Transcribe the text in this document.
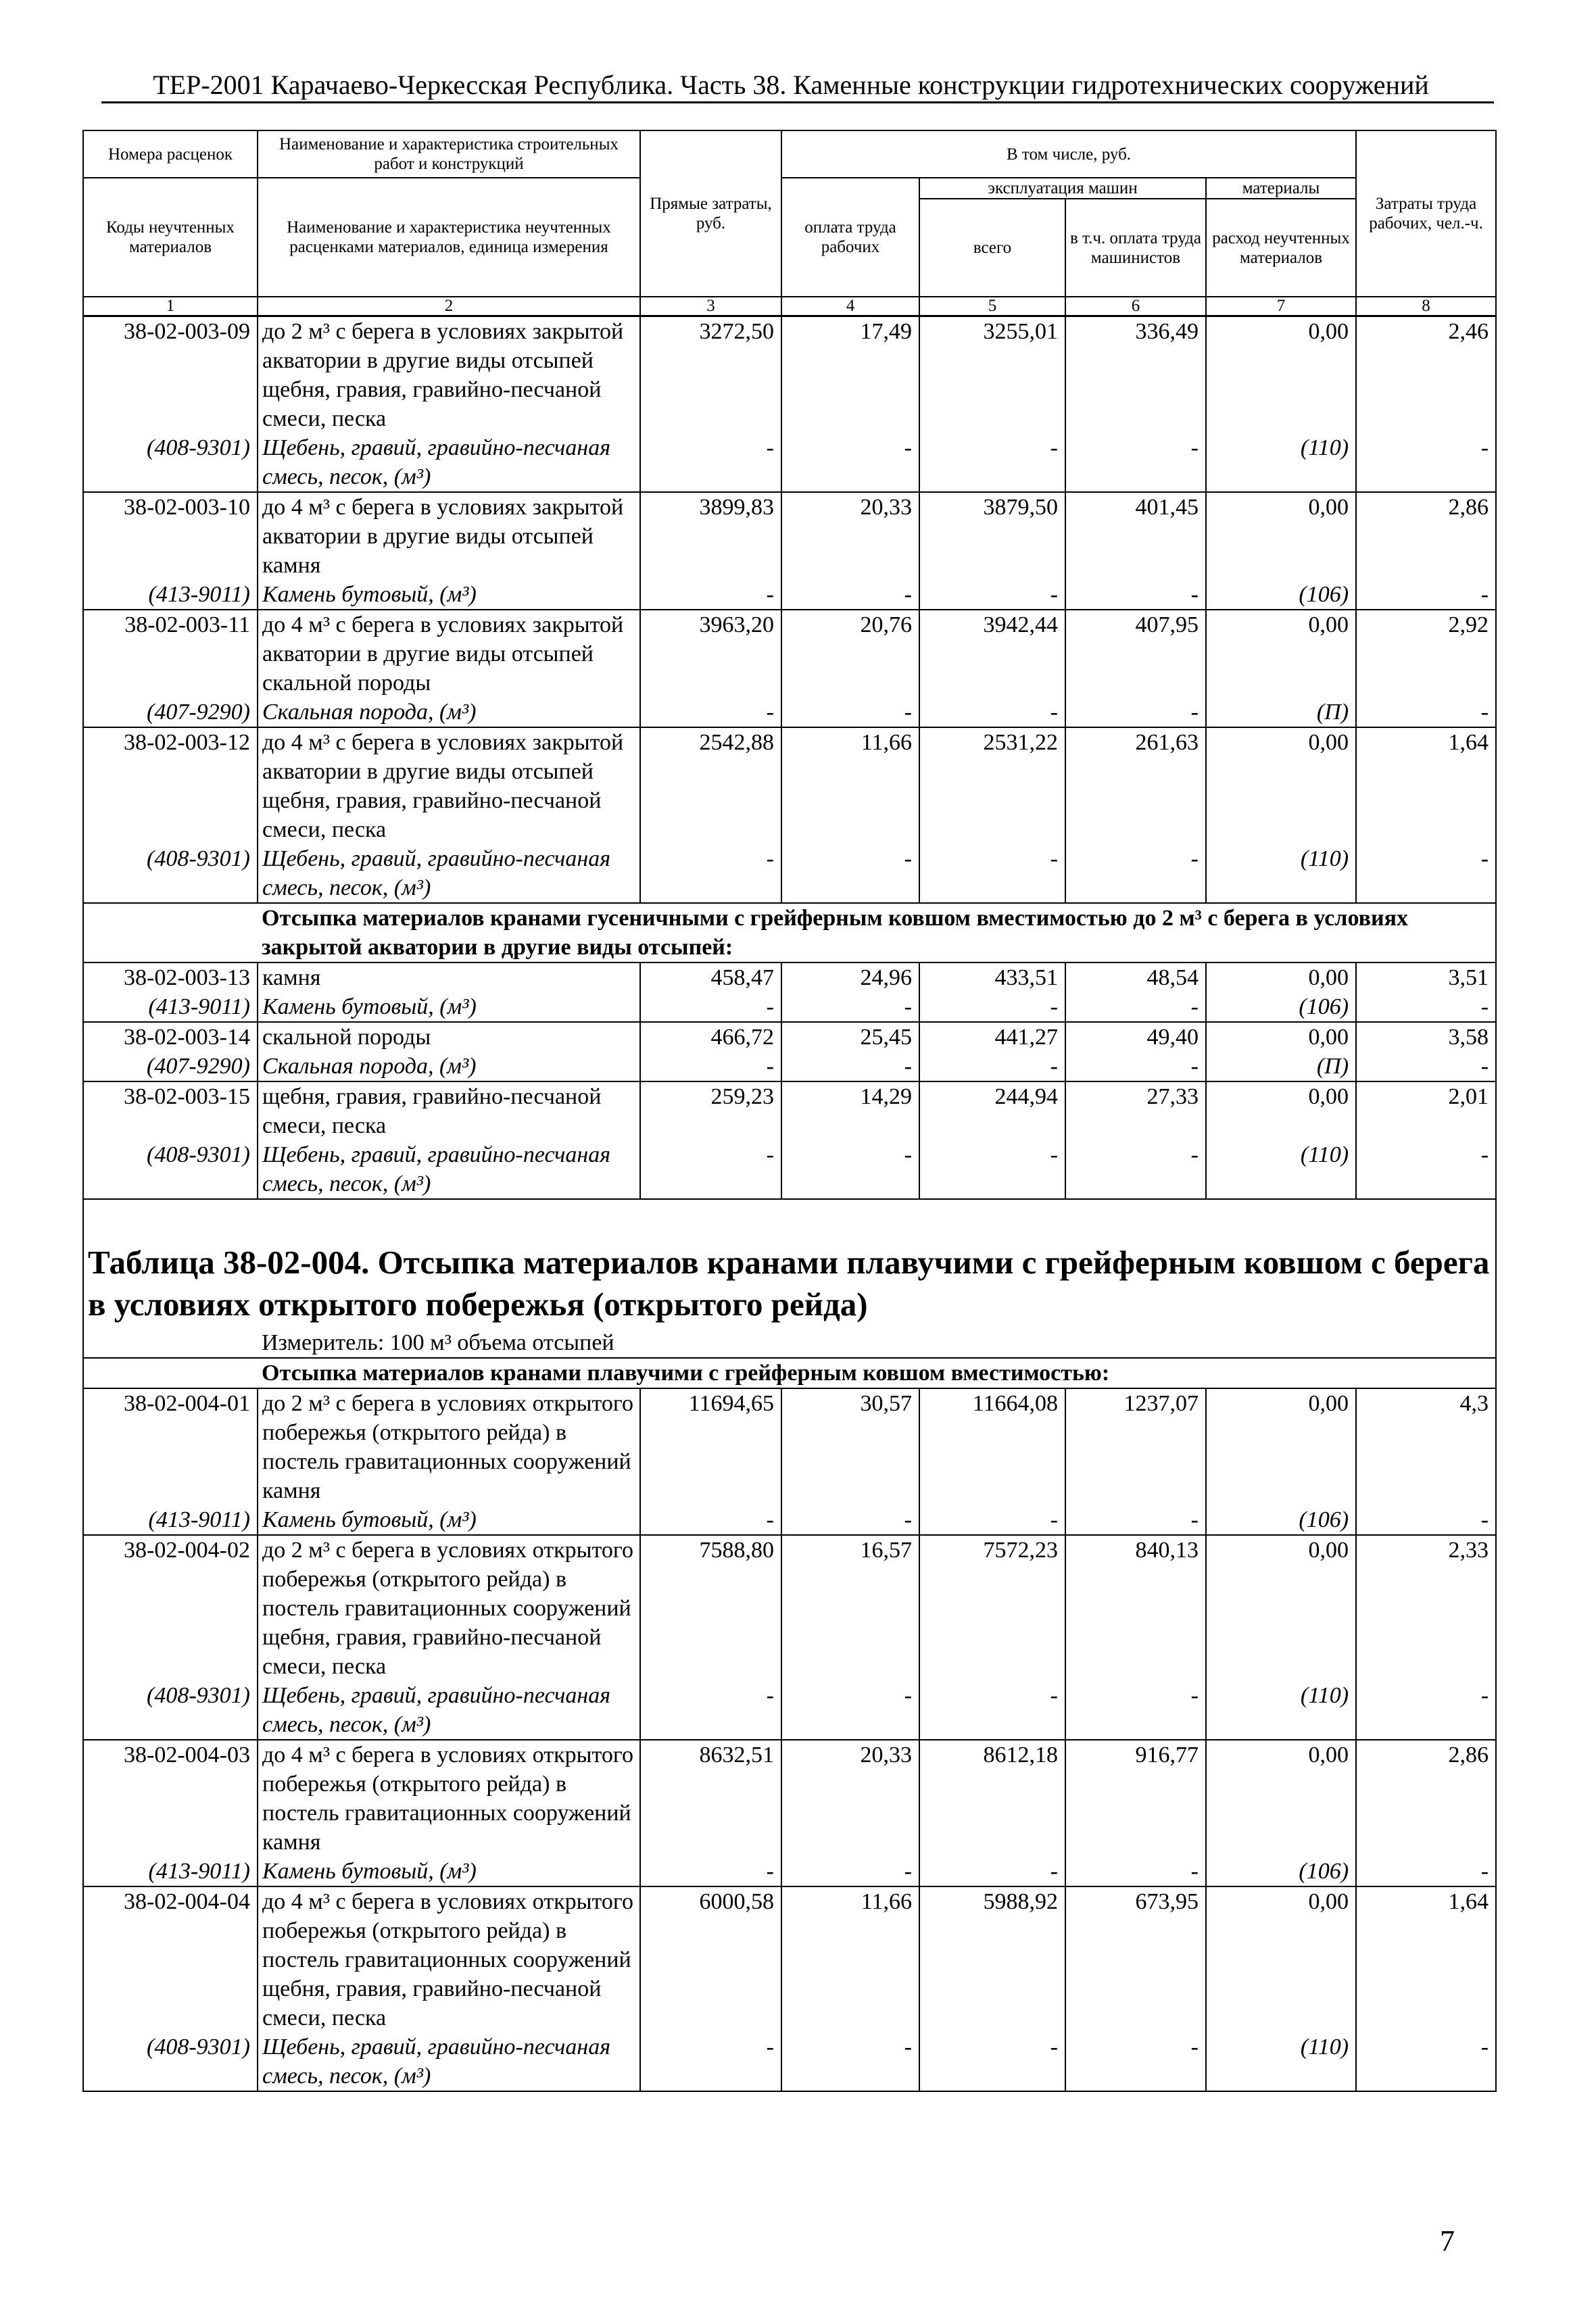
ТЕР-2001 Карачаево-Черкесская Республика. Часть 38. Каменные конструкции гидротехнических сооружений
Номера расценок	Наименование и характеристика строительных работ и конструкций	Прямые затраты, руб.	В том числе, руб.				Затраты труда рабочих, чел.-ч.
Коды неучтенных материалов	Наименование и характеристика неучтенных расценками материалов, единица измерения		оплата труда рабочих	эксплуатация машин		материалы	
				всего	в т.ч. оплата труда машинистов	расход неучтенных материалов	
1	2	3	4	5	6	7	8
38-02-003-09	до 2 м³ с берега в условиях закрытой акватории в другие виды отсыпей щебня, гравия, гравийно-песчаной смеси, песка	3272,50	17,49	3255,01	336,49	0,00	2,46
(408-9301)	Щебень, гравий, гравийно-песчаная смесь, песок, (м³)	-	-	-	-	(110)	-
38-02-003-10	до 4 м³ с берега в условиях закрытой акватории в другие виды отсыпей камня	3899,83	20,33	3879,50	401,45	0,00	2,86
(413-9011)	Камень бутовый, (м³)	-	-	-	-	(106)	-
38-02-003-11	до 4 м³ с берега в условиях закрытой акватории в другие виды отсыпей скальной породы	3963,20	20,76	3942,44	407,95	0,00	2,92
(407-9290)	Скальная порода, (м³)	-	-	-	-	(П)	-
38-02-003-12	до 4 м³ с берега в условиях закрытой акватории в другие виды отсыпей щебня, гравия, гравийно-песчаной смеси, песка	2542,88	11,66	2531,22	261,63	0,00	1,64
(408-9301)	Щебень, гравий, гравийно-песчаная смесь, песок, (м³)	-	-	-	-	(110)	-
	Отсыпка материалов кранами гусеничными с грейферным ковшом вместимостью до 2 м³ с берега в условиях закрытой акватории в другие виды отсыпей:						
38-02-003-13	камня	458,47	24,96	433,51	48,54	0,00	3,51
(413-9011)	Камень бутовый, (м³)	-	-	-	-	(106)	-
38-02-003-14	скальной породы	466,72	25,45	441,27	49,40	0,00	3,58
(407-9290)	Скальная порода, (м³)	-	-	-	-	(П)	-
38-02-003-15	щебня, гравия, гравийно-песчаной смеси, песка	259,23	14,29	244,94	27,33	0,00	2,01
(408-9301)	Щебень, гравий, гравийно-песчаная смесь, песок, (м³)	-	-	-	-	(110)	-

Таблица 38-02-004. Отсыпка материалов кранами плавучими с грейферным ковшом с берега в условиях открытого побережья (открытого рейда)							
	Измеритель: 100 м³ объема отсыпей						
	Отсыпка материалов кранами плавучими с грейферным ковшом вместимостью:						
38-02-004-01	до 2 м³ с берега в условиях открытого побережья (открытого рейда) в постель гравитационных сооружений камня	11694,65	30,57	11664,08	1237,07	0,00	4,3
(413-9011)	Камень бутовый, (м³)	-	-	-	-	(106)	-
38-02-004-02	до 2 м³ с берега в условиях открытого побережья (открытого рейда) в постель гравитационных сооружений щебня, гравия, гравийно-песчаной смеси, песка	7588,80	16,57	7572,23	840,13	0,00	2,33
(408-9301)	Щебень, гравий, гравийно-песчаная смесь, песок, (м³)	-	-	-	-	(110)	-
38-02-004-03	до 4 м³ с берега в условиях открытого побережья (открытого рейда) в постель гравитационных сооружений камня	8632,51	20,33	8612,18	916,77	0,00	2,86
(413-9011)	Камень бутовый, (м³)	-	-	-	-	(106)	-
38-02-004-04	до 4 м³ с берега в условиях открытого побережья (открытого рейда) в постель гравитационных сооружений щебня, гравия, гравийно-песчаной смеси, песка	6000,58	11,66	5988,92	673,95	0,00	1,64
(408-9301)	Щебень, гравий, гравийно-песчаная смесь, песок, (м³)	-	-	-	-	(110)	-
7
